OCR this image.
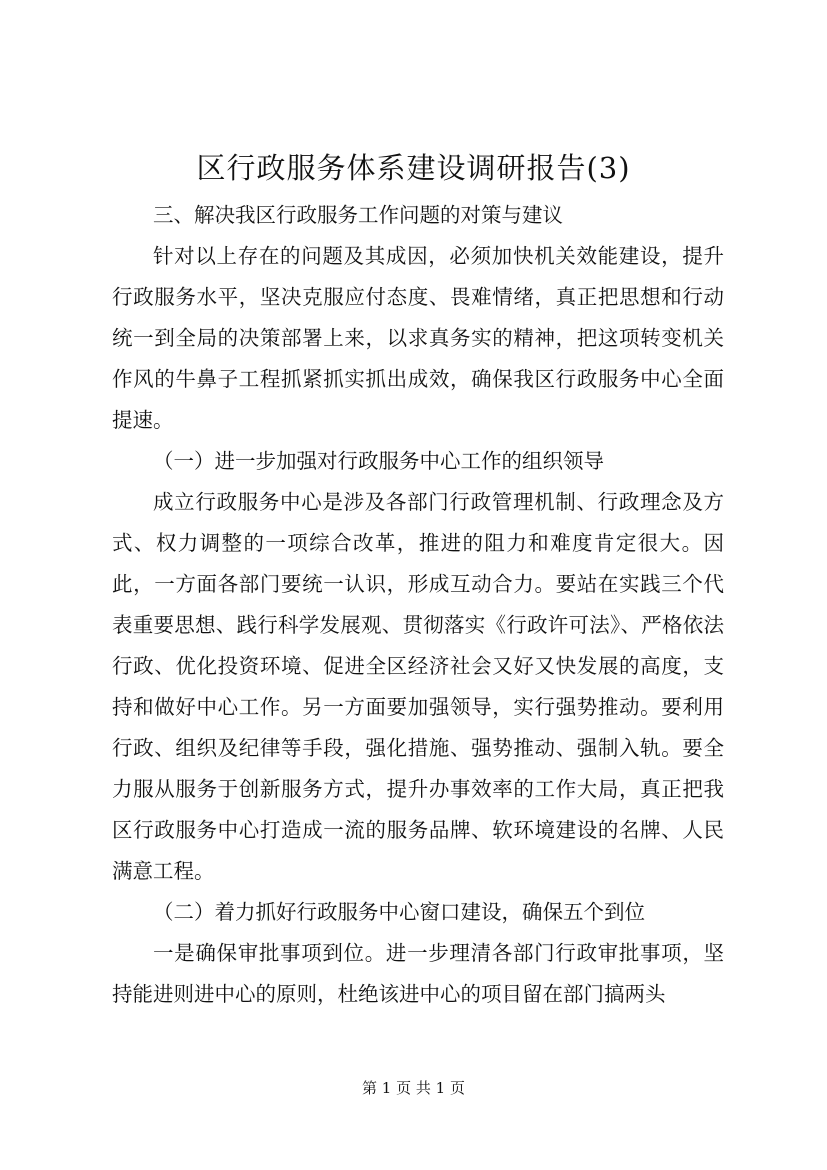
区行政服务体系建设调研报告(3)

三、解决我区行政服务工作问题的对策与建议

针对以上存在的问题及其成因，必须加快机关效能建设，提升行政服务水平，坚决克服应付态度、畏难情绪，真正把思想和行动统一到全局的决策部署上来，以求真务实的精神，把这项转变机关作风的牛鼻子工程抓紧抓实抓出成效，确保我区行政服务中心全面提速。

（一）进一步加强对行政服务中心工作的组织领导

成立行政服务中心是涉及各部门行政管理机制、行政理念及方式、权力调整的一项综合改革，推进的阻力和难度肯定很大。因此，一方面各部门要统一认识，形成互动合力。要站在实践三个代表重要思想、践行科学发展观、贯彻落实《行政许可法》、严格依法行政、优化投资环境、促进全区经济社会又好又快发展的高度，支持和做好中心工作。另一方面要加强领导，实行强势推动。要利用行政、组织及纪律等手段，强化措施、强势推动、强制入轨。要全力服从服务于创新服务方式，提升办事效率的工作大局，真正把我区行政服务中心打造成一流的服务品牌、软环境建设的名牌、人民满意工程。

（二）着力抓好行政服务中心窗口建设，确保五个到位

一是确保审批事项到位。进一步理清各部门行政审批事项，坚持能进则进中心的原则，杜绝该进中心的项目留在部门搞两头

第 1 页 共 1 页
